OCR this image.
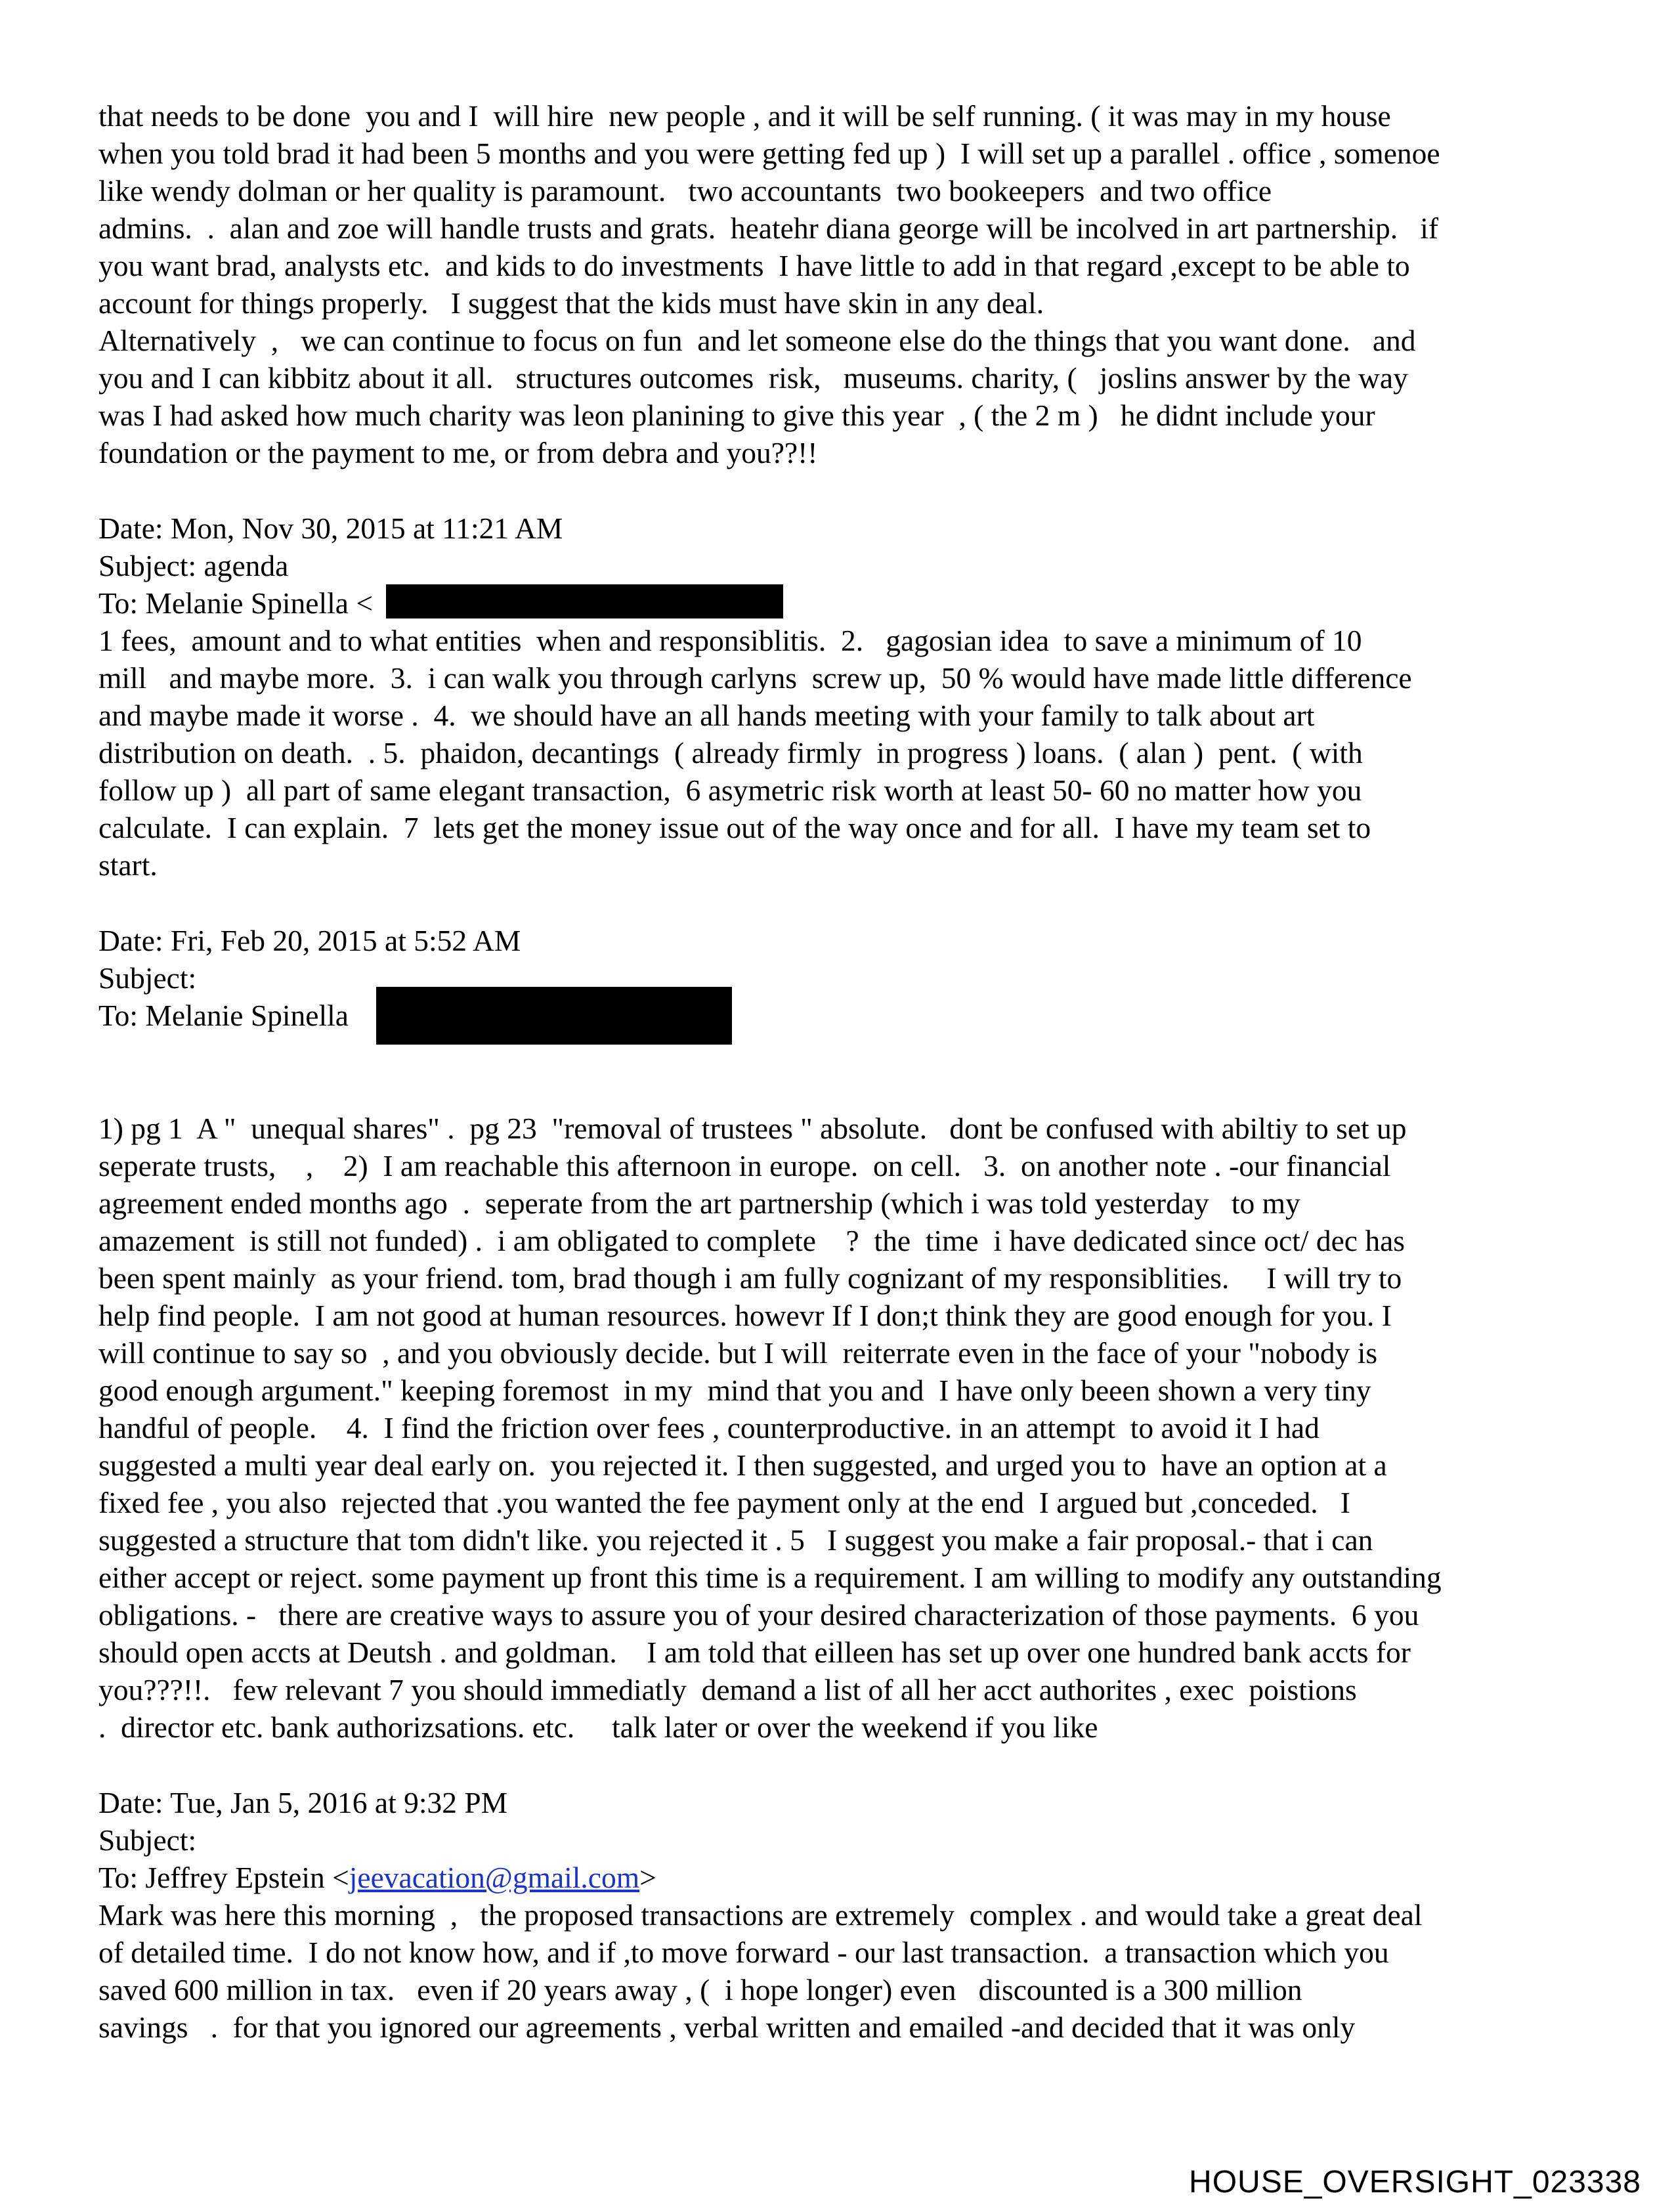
that needs to be done  you and I  will hire  new people , and it will be self running. ( it was may in my house

when you told brad it had been 5 months and you were getting fed up )  I will set up a parallel . office , somenoe

like wendy dolman or her quality is paramount.   two accountants  two bookeepers  and two office

admins.  .  alan and zoe will handle trusts and grats.  heatehr diana george will be incolved in art partnership.   if

you want brad, analysts etc.  and kids to do investments  I have little to add in that regard ,except to be able to

account for things properly.   I suggest that the kids must have skin in any deal.

Alternatively  ,   we can continue to focus on fun  and let someone else do the things that you want done.   and

you and I can kibbitz about it all.   structures outcomes  risk,   museums. charity, (   joslins answer by the way

was I had asked how much charity was leon planining to give this year  , ( the 2 m )   he didnt include your

foundation or the payment to me, or from debra and you??!!

Date: Mon, Nov 30, 2015 at 11:21 AM

Subject: agenda

To: Melanie Spinella <

1 fees,  amount and to what entities  when and responsiblitis.  2.   gagosian idea  to save a minimum of 10

mill   and maybe more.  3.  i can walk you through carlyns  screw up,  50 % would have made little difference

and maybe made it worse .  4.  we should have an all hands meeting with your family to talk about art

distribution on death.  . 5.  phaidon, decantings  ( already firmly  in progress ) loans.  ( alan )  pent.  ( with

follow up )  all part of same elegant transaction,  6 asymetric risk worth at least 50- 60 no matter how you

calculate.  I can explain.  7  lets get the money issue out of the way once and for all.  I have my team set to

start.

Date: Fri, Feb 20, 2015 at 5:52 AM

Subject:

To: Melanie Spinella

1) pg 1  A "  unequal shares" .  pg 23  "removal of trustees " absolute.   dont be confused with abiltiy to set up

seperate trusts,    ,    2)  I am reachable this afternoon in europe.  on cell.   3.  on another note . -our financial

agreement ended months ago  .  seperate from the art partnership (which i was told yesterday   to my

amazement  is still not funded) .  i am obligated to complete    ?  the  time  i have dedicated since oct/ dec has

been spent mainly  as your friend. tom, brad though i am fully cognizant of my responsiblities.     I will try to

help find people.  I am not good at human resources. howevr If I don;t think they are good enough for you. I

will continue to say so  , and you obviously decide. but I will  reiterrate even in the face of your "nobody is

good enough argument." keeping foremost  in my  mind that you and  I have only beeen shown a very tiny

handful of people.    4.  I find the friction over fees , counterproductive. in an attempt  to avoid it I had

suggested a multi year deal early on.  you rejected it. I then suggested, and urged you to  have an option at a

fixed fee , you also  rejected that .you wanted the fee payment only at the end  I argued but ,conceded.   I

suggested a structure that tom didn't like. you rejected it . 5   I suggest you make a fair proposal.- that i can

either accept or reject. some payment up front this time is a requirement. I am willing to modify any outstanding

obligations. -   there are creative ways to assure you of your desired characterization of those payments.  6 you

should open accts at Deutsh . and goldman.    I am told that eilleen has set up over one hundred bank accts for

you???!!.   few relevant 7 you should immediatly  demand a list of all her acct authorites , exec  poistions

.  director etc. bank authorizsations. etc.     talk later or over the weekend if you like

Date: Tue, Jan 5, 2016 at 9:32 PM

Subject:

To: Jeffrey Epstein <jeevacation@gmail.com>

Mark was here this morning  ,   the proposed transactions are extremely  complex . and would take a great deal

of detailed time.  I do not know how, and if ,to move forward - our last transaction.  a transaction which you

saved 600 million in tax.   even if 20 years away , (  i hope longer) even   discounted is a 300 million

savings   .  for that you ignored our agreements , verbal written and emailed -and decided that it was only

HOUSE_OVERSIGHT_023338
